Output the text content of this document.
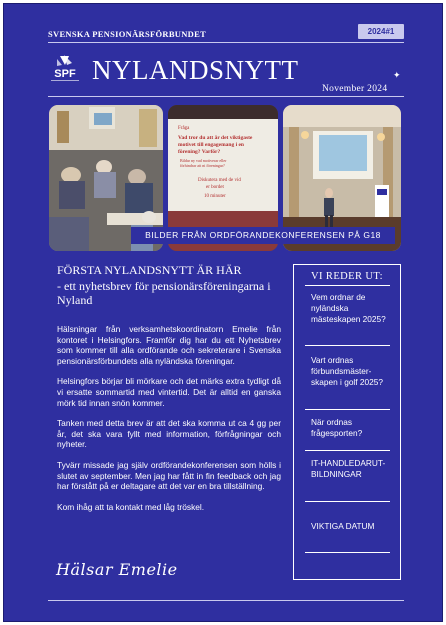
SVENSKA PENSIONÄRSFÖRBUNDET	2024#1
SPF NYLANDSNYTT	✦
November 2024
Fråga
Vad tror du att är det viktigaste
motivet till engagemang i en
förening? Varför?
Bildar ny vad motiverar eller
förhindrar att ni föreningar?
Diskutera med de vid
er bordet
10 minuter
BILDER FRÅN ORDFÖRANDEKONFERENSEN PÅ G18
FÖRSTA NYLANDSNYTT ÄR HÄR
- ett nyhetsbrev för pensionärsföreningarna i Nyland

Hälsningar från verksamhetskoordinatorn Emelie från kontoret i Helsingfors. Framför dig har du ett Nyhetsbrev som kommer till alla ordförande och sekreterare i Svenska pensionärsförbundets alla nyländska föreningar.

Helsingfors börjar bli mörkare och det märks extra tydligt då vi ersatte sommartid med vintertid. Det är alltid en ganska mörk tid innan snön kommer.

Tanken med detta brev är att det ska komma ut ca 4 gg per år, det ska vara fyllt med information, förfrågningar och nyheter.

Tyvärr missade jag själv ordförandekonferensen som hölls i slutet av september. Men jag har fått in fin feedback och jag har förstått på er deltagare att det var en bra tillställning.

Kom ihåg att ta kontakt med låg tröskel.

Hälsar Emelie
VI REDER UT:
Vem ordnar de nyländska mästeskapen 2025?
Vart ordnas förbundsmäster-skapen i golf 2025?
När ordnas frågesporten?
IT-HANDLEDARUT-BILDNINGAR
VIKTIGA DATUM
